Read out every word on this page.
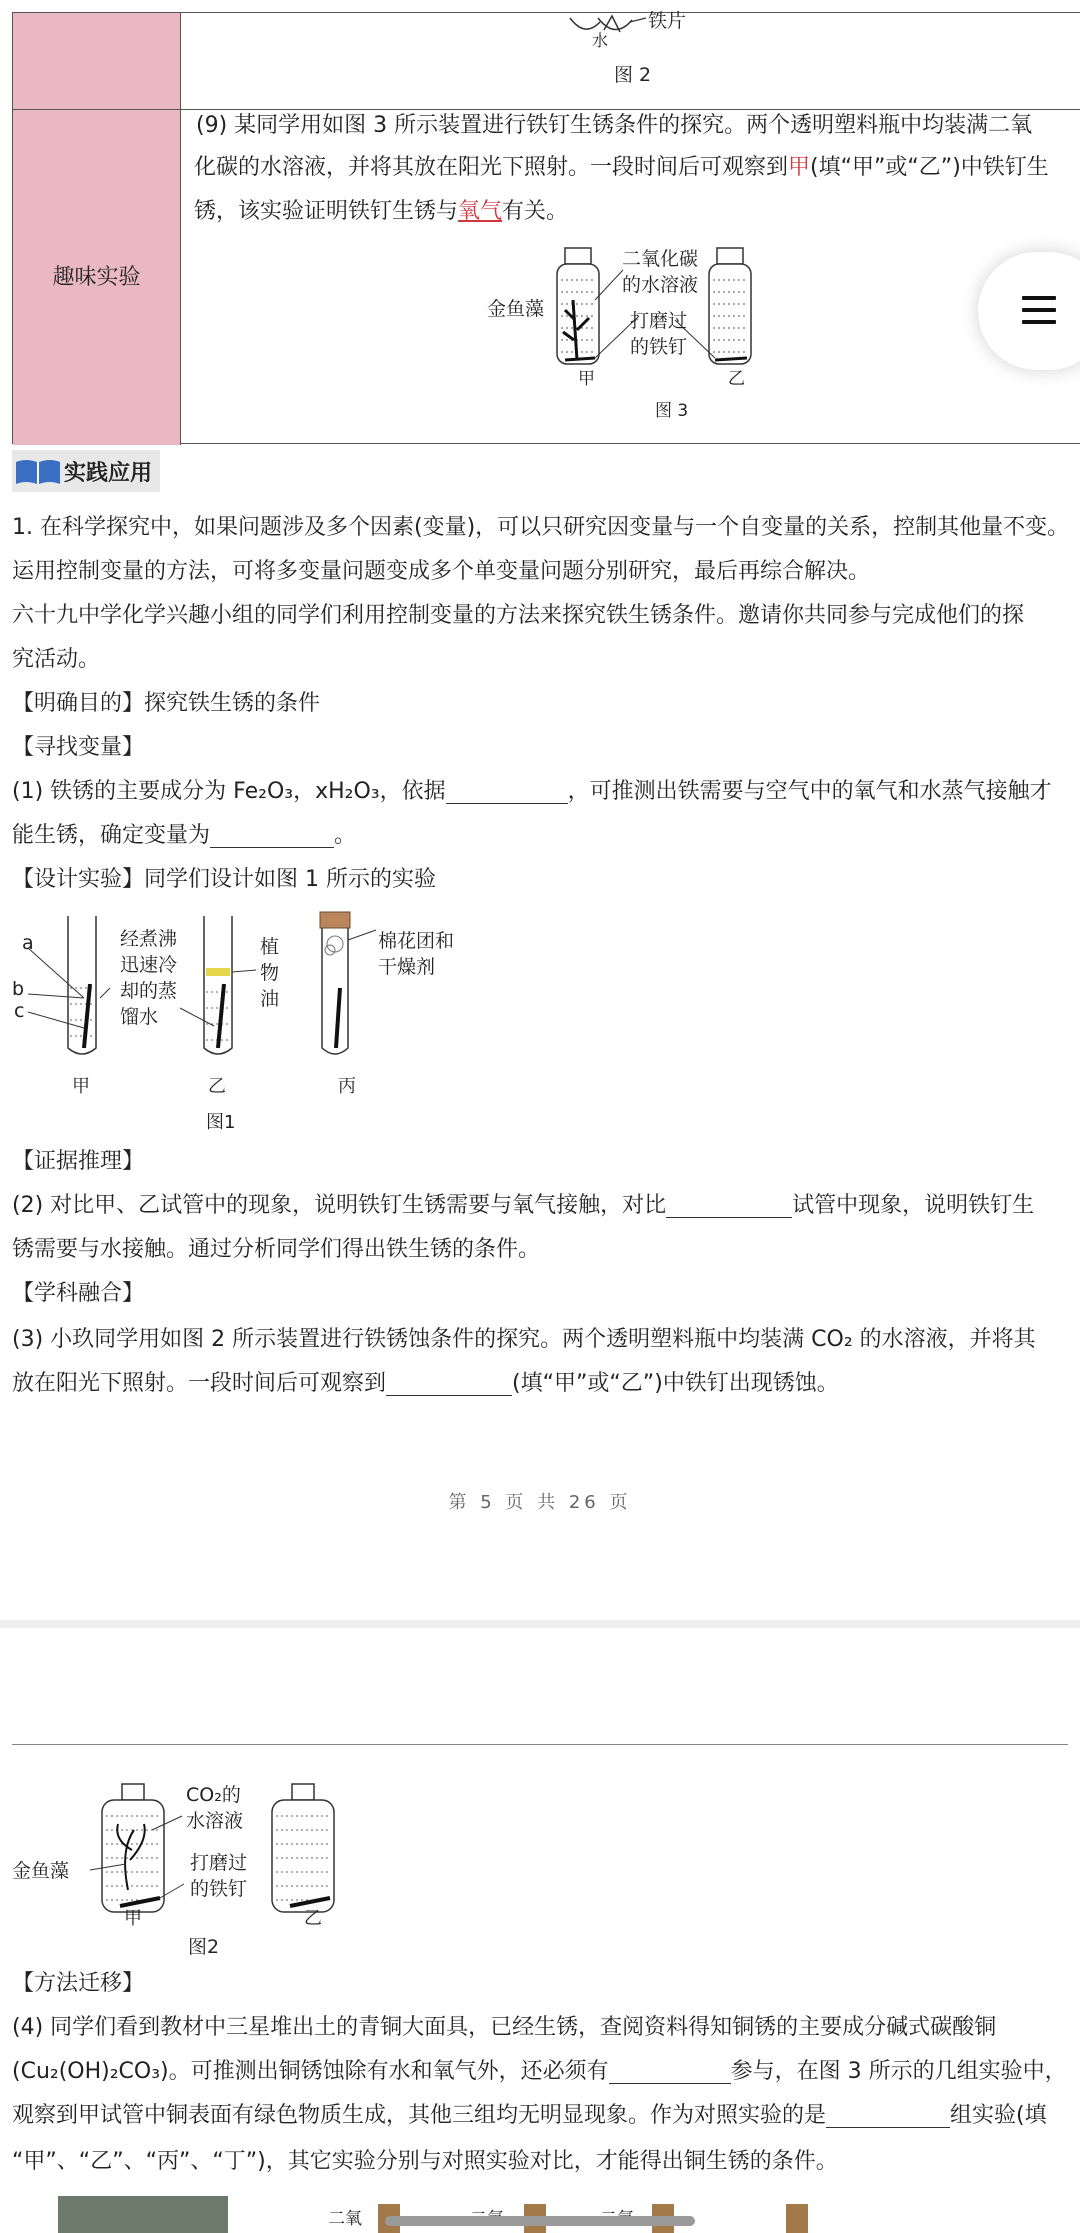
趣味实验
铁片
水
图 2
(9) 某同学用如图 3 所示装置进行铁钉生锈条件的探究。两个透明塑料瓶中均装满二氧
化碳的水溶液，并将其放在阳光下照射。一段时间后可观察到甲(填“甲”或“乙”)中铁钉生
锈，该实验证明铁钉生锈与氧气有关。
二氧化碳
的水溶液
金鱼藻
打磨过
的铁钉
甲	乙
图 3
实践应用
1. 在科学探究中，如果问题涉及多个因素(变量)，可以只研究因变量与一个自变量的关系，控制其他量不变。
运用控制变量的方法，可将多变量问题变成多个单变量问题分别研究，最后再综合解决。
六十九中学化学兴趣小组的同学们利用控制变量的方法来探究铁生锈条件。邀请你共同参与完成他们的探
究活动。
【明确目的】探究铁生锈的条件
【寻找变量】
(1) 铁锈的主要成分为 Fe₂O₃，xH₂O₃，依据	，可推测出铁需要与空气中的氧气和水蒸气接触才
能生锈，确定变量为	。
【设计实验】同学们设计如图 1 所示的实验
a
b
c
经煮沸
迅速冷
却的蒸
馏水
植
物
油
棉花团和
干燥剂
甲	乙	丙
图1
【证据推理】
(2) 对比甲、乙试管中的现象，说明铁钉生锈需要与氧气接触，对比	试管中现象，说明铁钉生
锈需要与水接触。通过分析同学们得出铁生锈的条件。
【学科融合】
(3) 小玖同学用如图 2 所示装置进行铁锈蚀条件的探究。两个透明塑料瓶中均装满 CO₂ 的水溶液，并将其
放在阳光下照射。一段时间后可观察到	(填“甲”或“乙”)中铁钉出现锈蚀。
第 5 页 共 26 页
CO₂的
水溶液
金鱼藻	打磨过
的铁钉
甲	乙
图2
【方法迁移】
(4) 同学们看到教材中三星堆出土的青铜大面具，已经生锈，查阅资料得知铜锈的主要成分碱式碳酸铜
(Cu₂(OH)₂CO₃)。可推测出铜锈蚀除有水和氧气外，还必须有	参与，在图 3 所示的几组实验中，
观察到甲试管中铜表面有绿色物质生成，其他三组均无明显现象。作为对照实验的是	组实验(填
“甲”、“乙”、“丙”、“丁”)，其它实验分别与对照实验对比，才能得出铜生锈的条件。
二氧
